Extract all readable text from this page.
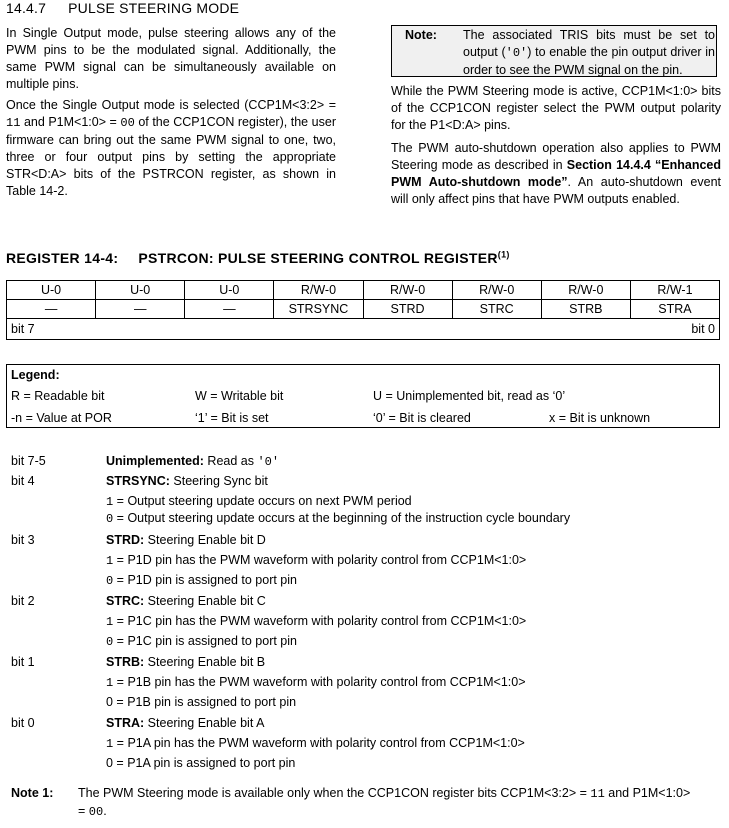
14.4.7 PULSE STEERING MODE
In Single Output mode, pulse steering allows any of the PWM pins to be the modulated signal. Additionally, the same PWM signal can be simultaneously available on multiple pins.
Once the Single Output mode is selected (CCP1M<3:2> = 11 and P1M<1:0> = 00 of the CCP1CON register), the user firmware can bring out the same PWM signal to one, two, three or four output pins by setting the appropriate STR<D:A> bits of the PSTRCON register, as shown in Table 14-2.
Note: The associated TRIS bits must be set to output ('0') to enable the pin output driver in order to see the PWM signal on the pin.
While the PWM Steering mode is active, CCP1M<1:0> bits of the CCP1CON register select the PWM output polarity for the P1<D:A> pins.
The PWM auto-shutdown operation also applies to PWM Steering mode as described in Section 14.4.4 “Enhanced PWM Auto-shutdown mode”. An auto-shutdown event will only affect pins that have PWM outputs enabled.
REGISTER 14-4: PSTRCON: PULSE STEERING CONTROL REGISTER$^{(1)}$
U-0	U-0	U-0	R/W-0	R/W-0	R/W-0	R/W-0	R/W-1
—	—	—	STRSYNC	STRD	STRC	STRB	STRA
bit 7 bit 0							
Legend:
R = Readable bit	W = Writable bit	U = Unimplemented bit, read as ‘0’
-n = Value at POR	‘1’ = Bit is set	‘0’ = Bit is cleared	x = Bit is unknown
bit 7-5	Unimplemented: Read as '0'
bit 4	STRSYNC: Steering Sync bit
1 = Output steering update occurs on next PWM period
0 = Output steering update occurs at the beginning of the instruction cycle boundary
bit 3	STRD: Steering Enable bit D
1 = P1D pin has the PWM waveform with polarity control from CCP1M<1:0>
0 = P1D pin is assigned to port pin
bit 2	STRC: Steering Enable bit C
1 = P1C pin has the PWM waveform with polarity control from CCP1M<1:0>
0 = P1C pin is assigned to port pin
bit 1	STRB: Steering Enable bit B
1 = P1B pin has the PWM waveform with polarity control from CCP1M<1:0>
0 = P1B pin is assigned to port pin
bit 0	STRA: Steering Enable bit A
1 = P1A pin has the PWM waveform with polarity control from CCP1M<1:0>
0 = P1A pin is assigned to port pin
Note 1: The PWM Steering mode is available only when the CCP1CON register bits CCP1M<3:2> = 11 and P1M<1:0> = 00.
